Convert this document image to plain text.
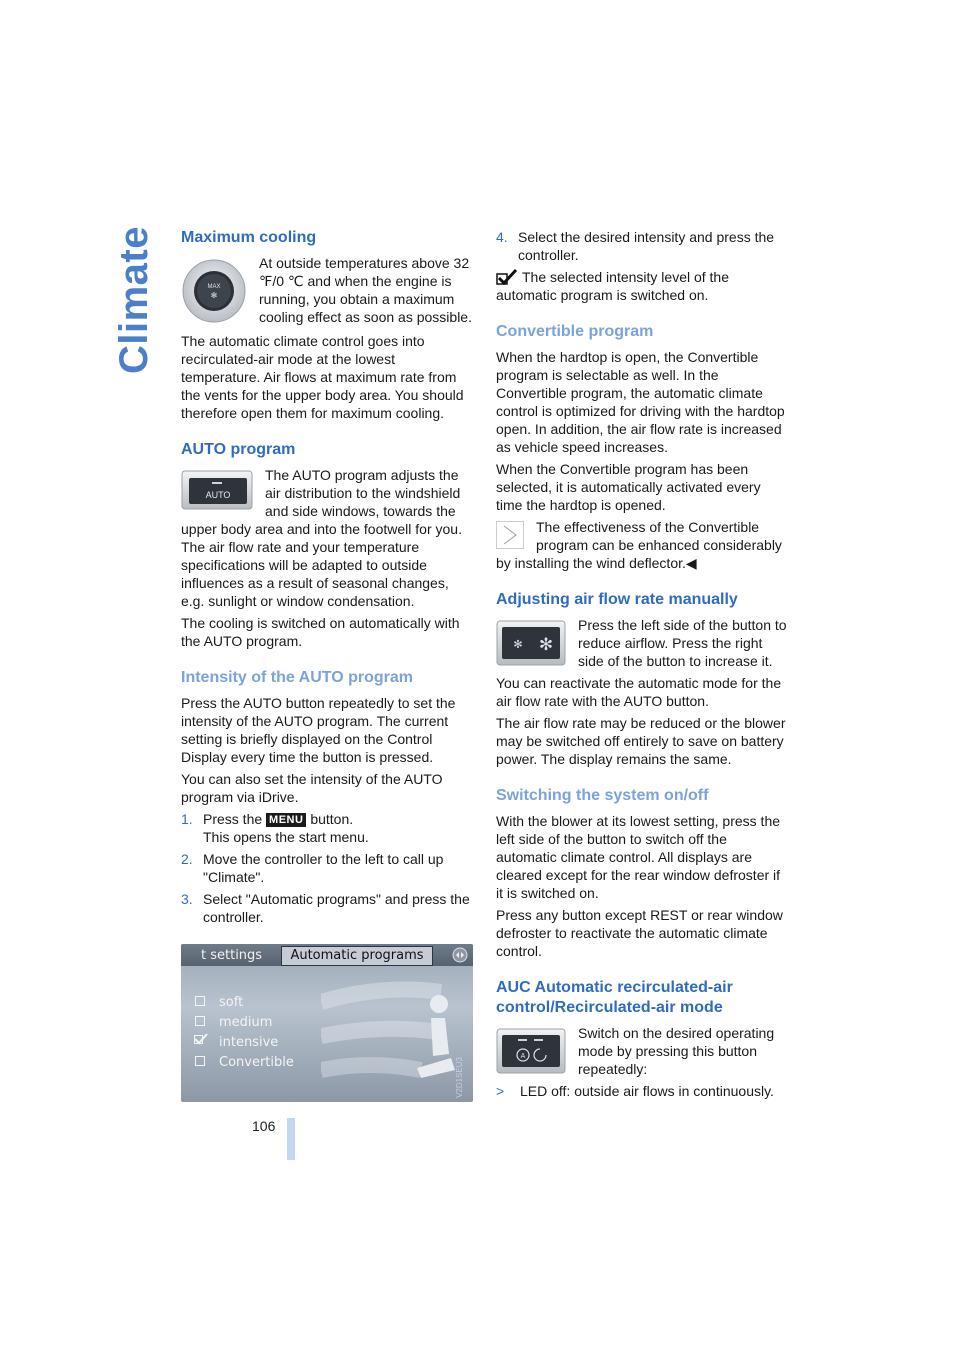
Climate Maximum cooling
MAX
✻

At outside temperatures above 32 ℉/0 ℃ and when the engine is running, you obtain a maximum cooling effect as soon as possible.

The automatic climate control goes into recirculated-air mode at the lowest temperature. Air flows at maximum rate from the vents for the upper body area. You should therefore open them for maximum cooling.

AUTO program
AUTO

The AUTO program adjusts the air distribution to the windshield and side windows, towards the upper body area and into the footwell for you. The air flow rate and your temperature specifications will be adapted to outside influences as a result of seasonal changes, e.g. sunlight or window condensation.

The cooling is switched on automatically with the AUTO program.

Intensity of the AUTO program

Press the AUTO button repeatedly to set the intensity of the AUTO program. The current setting is briefly displayed on the Control Display every time the button is pressed.

You can also set the intensity of the AUTO program via iDrive.

1. Press the MENU button.
This opens the start menu.
2. Move the controller to the left to call up "Climate".
3. Select "Automatic programs" and press the controller.
t settings	Automatic programs
soft
medium
intensive
Convertible	V2D1SEU3
4. Select the desired intensity and press the controller.

The selected intensity level of the automatic program is switched on.

Convertible program

When the hardtop is open, the Convertible program is selectable as well. In the Convertible program, the automatic climate control is optimized for driving with the hardtop open. In addition, the air flow rate is increased as vehicle speed increases.

When the Convertible program has been selected, it is automatically activated every time the hardtop is opened.

The effectiveness of the Convertible program can be enhanced considerably by installing the wind deflector.◀

Adjusting air flow rate manually
✻ ✻

Press the left side of the button to reduce airflow. Press the right side of the button to increase it.

You can reactivate the automatic mode for the air flow rate with the AUTO button.

The air flow rate may be reduced or the blower may be switched off entirely to save on battery power. The display remains the same.

Switching the system on/off

With the blower at its lowest setting, press the left side of the button to switch off the automatic climate control. All displays are cleared except for the rear window defroster if it is switched on.

Press any button except REST or rear window defroster to reactivate the automatic climate control.

AUC Automatic recirculated-air control/Recirculated-air mode
A

Switch on the desired operating mode by pressing this button repeatedly:

> LED off: outside air flows in continuously.

106
